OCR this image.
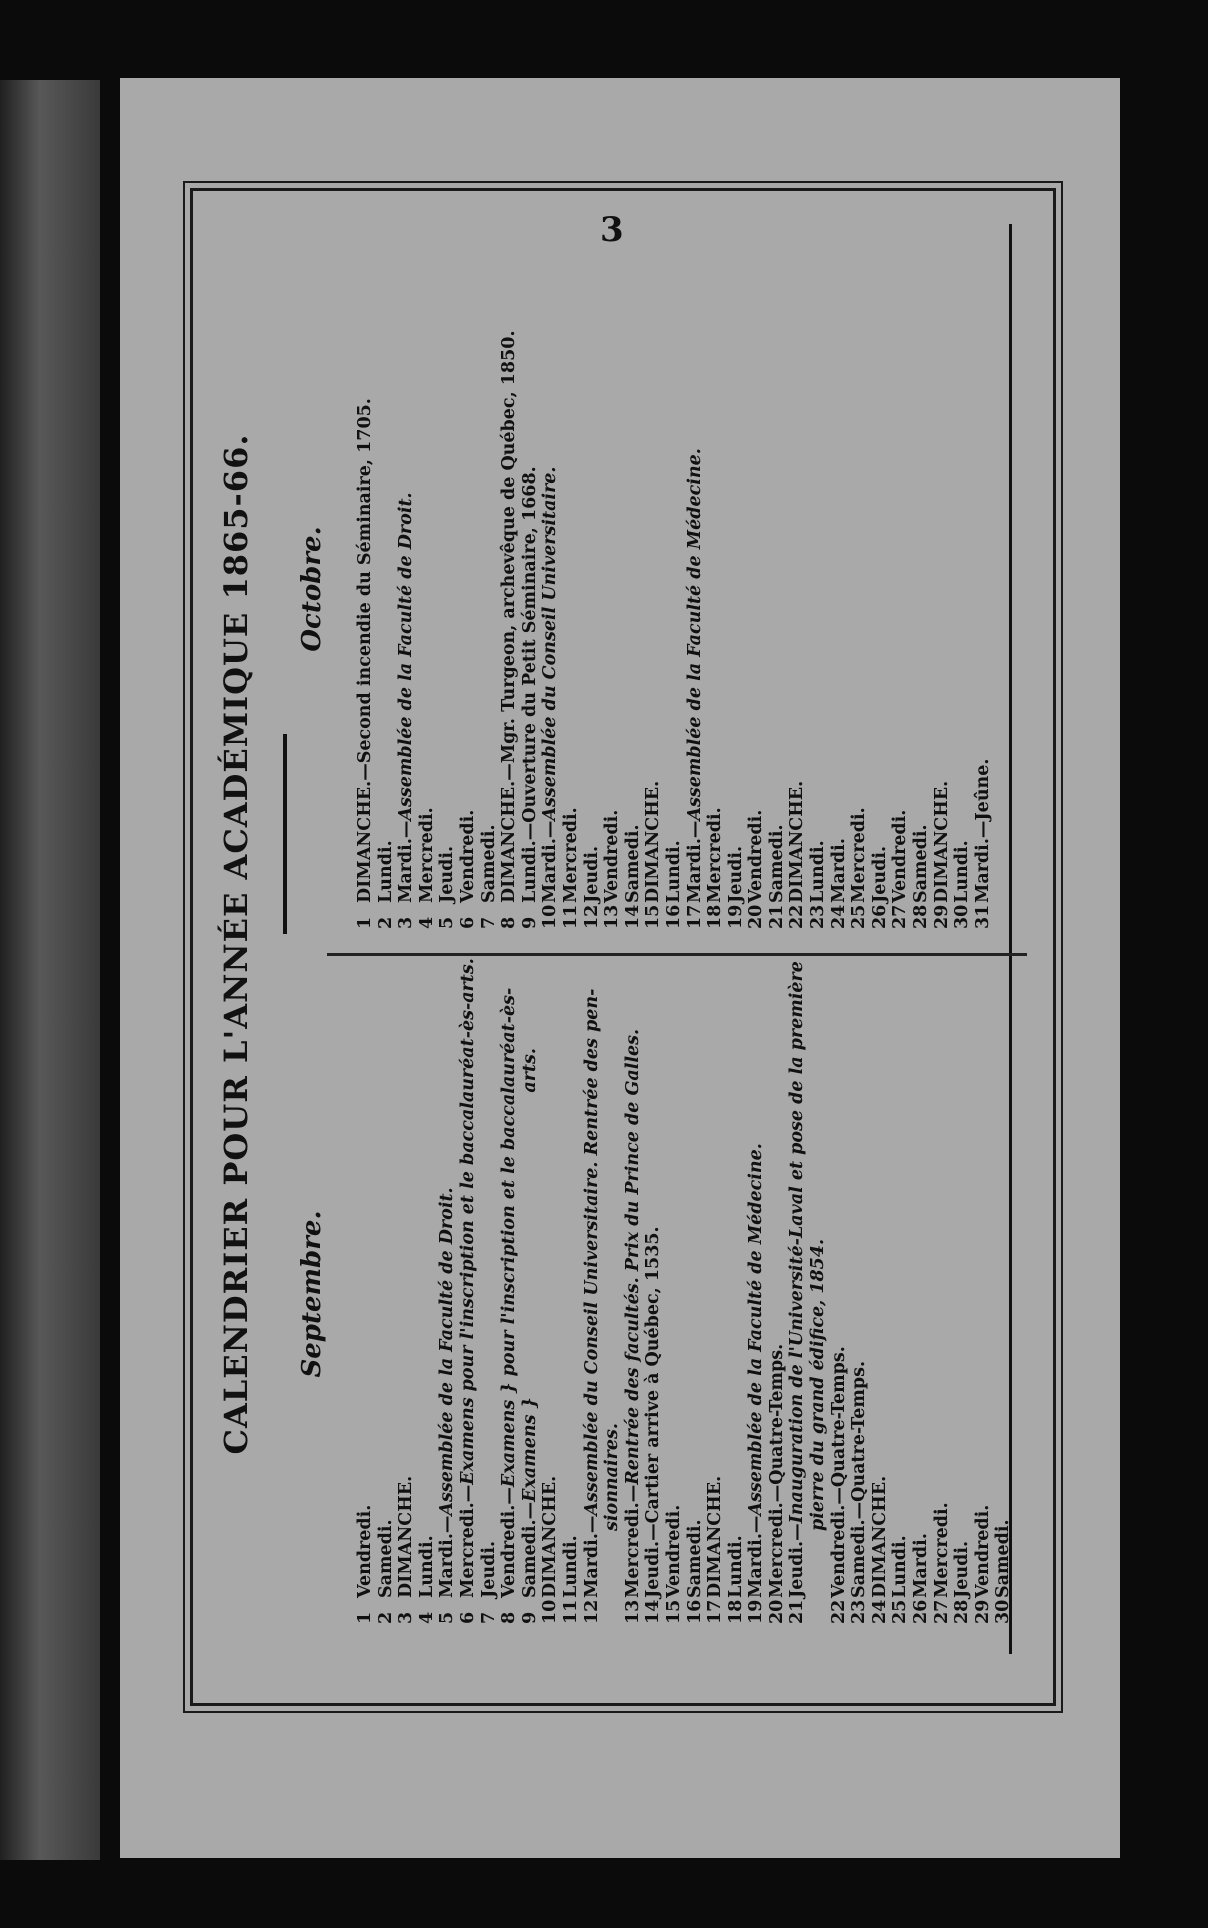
3
CALENDRIER POUR L'ANNÉE ACADÉMIQUE 1865-66. Septembre.
1Vendredi.
2Samedi.
3DIMANCHE.
4Lundi.
5Mardi.—Assemblée de la Faculté de Droit.
6Mercredi.—Examens pour l'inscription et le baccalauréat-ès-arts.
7Jeudi.
8Vendredi.—Examens } pour l'inscription et le baccalauréat-ès-
9Samedi.—Examens }                                                  arts.
10DIMANCHE.
11Lundi.
12Mardi.—Assemblée du Conseil Universitaire. Rentrée des pen- sionnaires.
13Mercredi.—Rentrée des facultés. Prix du Prince de Galles.
14Jeudi.—Cartier arrive à Québec, 1535.
15Vendredi.
16Samedi.
17DIMANCHE.
18Lundi.
19Mardi.—Assemblée de la Faculté de Médecine.
20Mercredi.—Quatre-Temps.
21Jeudi.—Inauguration de l'Université-Laval et pose de la première pierre du grand édifice, 1854.
22Vendredi.—Quatre-Temps.
23Samedi.—Quatre-Temps.
24DIMANCHE.
25Lundi.
26Mardi.
27Mercredi.
28Jeudi.
29Vendredi.
30Samedi.
Octobre.
1DIMANCHE.—Second incendie du Séminaire, 1705.
2Lundi.
3Mardi.—Assemblée de la Faculté de Droit.
4Mercredi.
5Jeudi.
6Vendredi.
7Samedi.
8DIMANCHE.—Mgr. Turgeon, archevêque de Québec, 1850.
9Lundi.—Ouverture du Petit Séminaire, 1668.
10Mardi.—Assemblée du Conseil Universitaire.
11Mercredi.
12Jeudi.
13Vendredi.
14Samedi.
15DIMANCHE.
16Lundi.
17Mardi.—Assemblée de la Faculté de Médecine.
18Mercredi.
19Jeudi.
20Vendredi.
21Samedi.
22DIMANCHE.
23Lundi.
24Mardi.
25Mercredi.
26Jeudi.
27Vendredi.
28Samedi.
29DIMANCHE.
30Lundi.
31Mardi.—Jeûne.
